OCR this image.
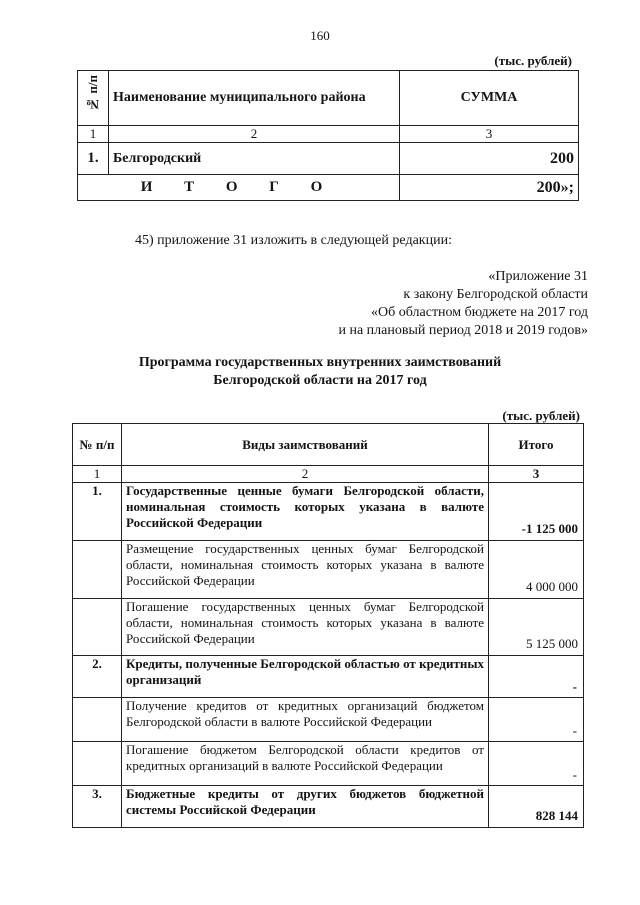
160
(тыс. рублей)
№ п/п	Наименование муниципального района	СУММА
1	2	3
1.	Белгородский	200
И Т О Г О		200»;
45) приложение 31 изложить в следующей редакции:
«Приложение 31
к закону Белгородской области
«Об областном бюджете на 2017 год
и на плановый период 2018 и 2019 годов»
Программа государственных внутренних заимствований
Белгородской области на 2017 год
(тыс. рублей)
№ п/п	Виды заимствований	Итого
1	2	3
1.	Государственные ценные бумаги Белгородской области, номинальная стоимость которых указана в валюте Российской Федерации	-1 125 000

	Размещение государственных ценных бумаг Белгородской области, номинальная стоимость которых указана в валюте Российской Федерации	4 000 000

	Погашение государственных ценных бумаг Белгородской области, номинальная стоимость которых указана в валюте Российской Федерации	5 125 000

2.	Кредиты, полученные Белгородской областью от кредитных организаций	-

	Получение кредитов от кредитных организаций бюджетом Белгородской области в валюте Российской Федерации	-

	Погашение бюджетом Белгородской области кредитов от кредитных организаций в валюте Российской Федерации	-

3.	Бюджетные кредиты от других бюджетов бюджетной системы Российской Федерации	828 144
